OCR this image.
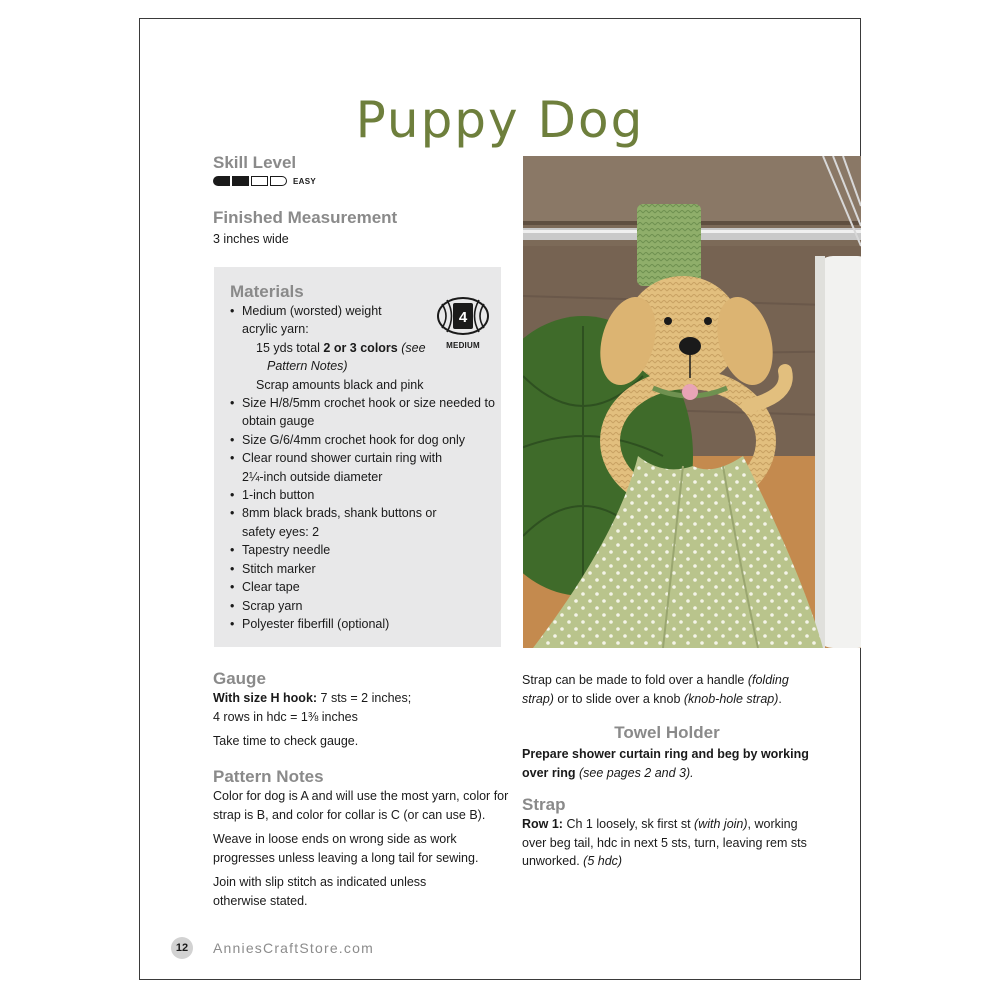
Puppy Dog
Skill Level
EASY
Finished Measurement
3 inches wide
Materials
4
MEDIUM
• Medium (worsted) weight
acrylic yarn:
15 yds total 2 or 3 colors (see
Pattern Notes)
Scrap amounts black and pink
• Size H/8/5mm crochet hook or size needed to
obtain gauge
• Size G/6/4mm crochet hook for dog only
• Clear round shower curtain ring with
2¼-inch outside diameter
• 1-inch button
• 8mm black brads, shank buttons or
safety eyes: 2
• Tapestry needle
• Stitch marker
• Clear tape
• Scrap yarn
• Polyester fiberfill (optional)
Gauge
With size H hook: 7 sts = 2 inches;
4 rows in hdc = 1⅜ inches
Take time to check gauge.
Pattern Notes
Color for dog is A and will use the most yarn, color for
strap is B, and color for collar is C (or can use B).
Weave in loose ends on wrong side as work
progresses unless leaving a long tail for sewing.
Join with slip stitch as indicated unless
otherwise stated.
Strap can be made to fold over a handle (folding
strap) or to slide over a knob (knob-hole strap).
Towel Holder
Prepare shower curtain ring and beg by working
over ring (see pages 2 and 3).
Strap
Row 1: Ch 1 loosely, sk first st (with join), working
over beg tail, hdc in next 5 sts, turn, leaving rem sts
unworked. (5 hdc)
12	AnniesCraftStore.com
